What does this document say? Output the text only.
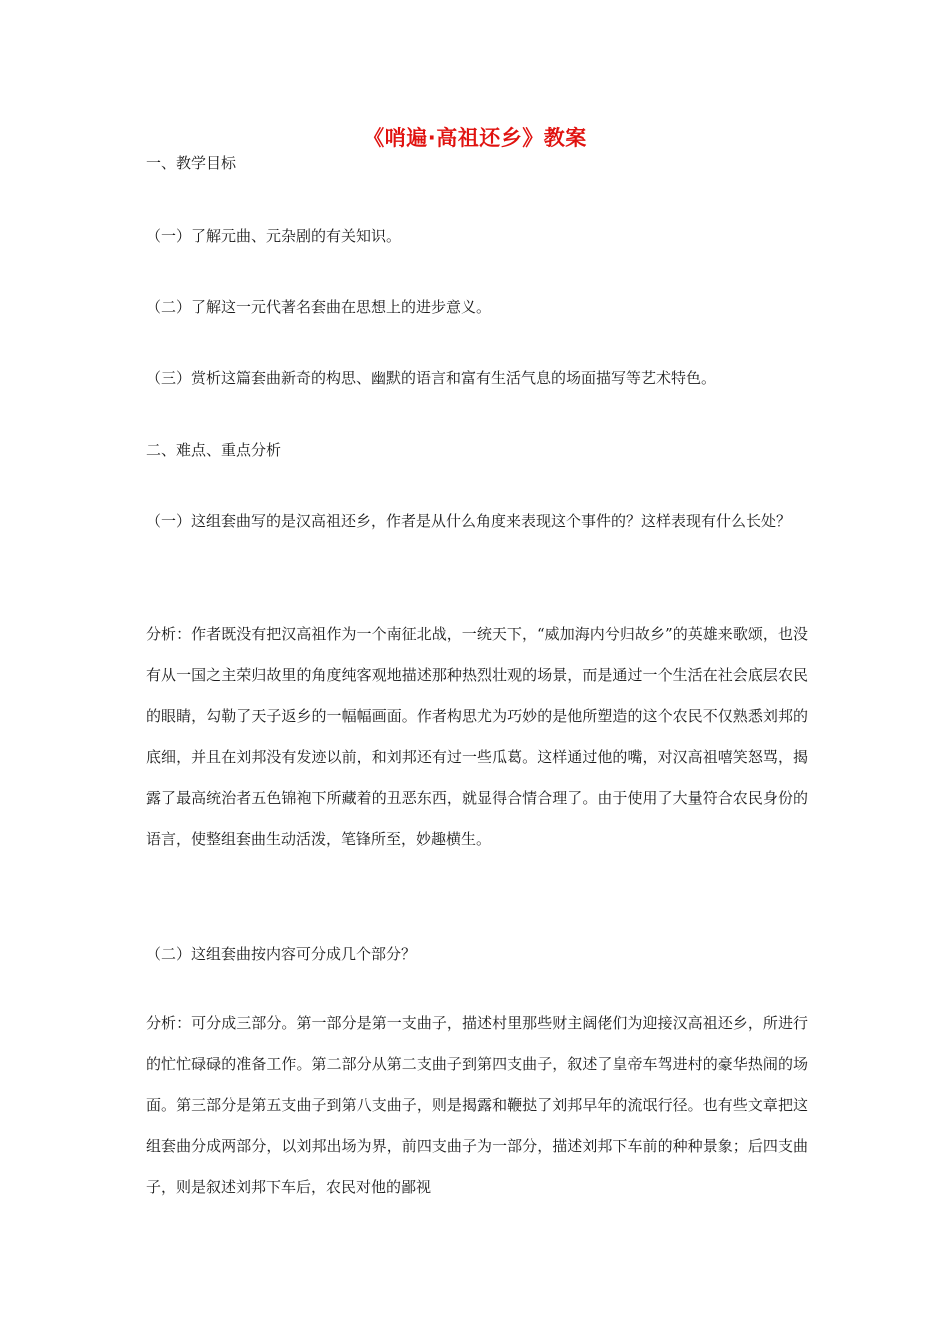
《哨遍·高祖还乡》教案
一、教学目标
（一）了解元曲、元杂剧的有关知识。
（二）了解这一元代著名套曲在思想上的进步意义。
（三）赏析这篇套曲新奇的构思、幽默的语言和富有生活气息的场面描写等艺术特色。
二、难点、重点分析
（一）这组套曲写的是汉高祖还乡，作者是从什么角度来表现这个事件的？这样表现有什么长处？
分析：作者既没有把汉高祖作为一个南征北战，一统天下，“威加海内兮归故乡”的英雄来歌颂，也没有从一国之主荣归故里的角度纯客观地描述那种热烈壮观的场景，而是通过一个生活在社会底层农民的眼睛，勾勒了天子返乡的一幅幅画面。作者构思尤为巧妙的是他所塑造的这个农民不仅熟悉刘邦的底细，并且在刘邦没有发迹以前，和刘邦还有过一些瓜葛。这样通过他的嘴，对汉高祖嘻笑怒骂，揭露了最高统治者五色锦袍下所藏着的丑恶东西，就显得合情合理了。由于使用了大量符合农民身份的语言，使整组套曲生动活泼，笔锋所至，妙趣横生。
（二）这组套曲按内容可分成几个部分？
分析：可分成三部分。第一部分是第一支曲子，描述村里那些财主阔佬们为迎接汉高祖还乡，所进行的忙忙碌碌的准备工作。第二部分从第二支曲子到第四支曲子，叙述了皇帝车驾进村的豪华热闹的场面。第三部分是第五支曲子到第八支曲子，则是揭露和鞭挞了刘邦早年的流氓行径。也有些文章把这组套曲分成两部分，以刘邦出场为界，前四支曲子为一部分，描述刘邦下车前的种种景象；后四支曲子，则是叙述刘邦下车后，农民对他的鄙视
